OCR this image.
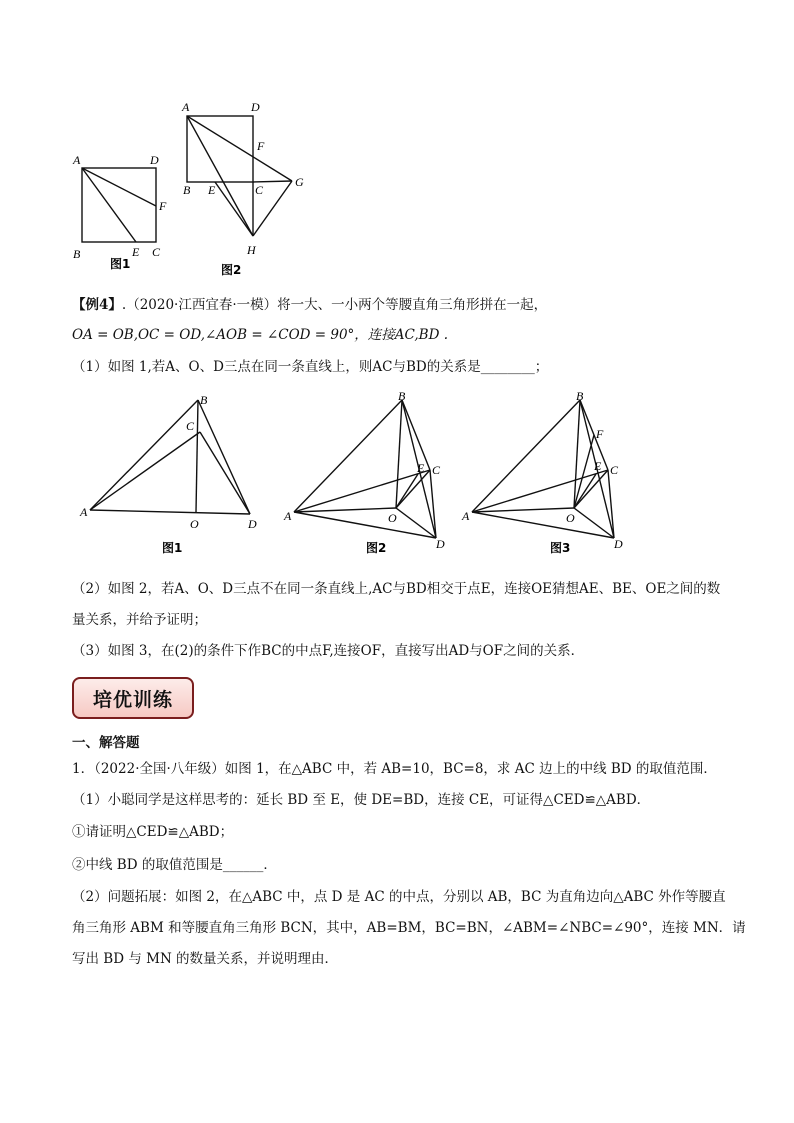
A	D
F
B	E C
图1
A	D
F
B E	C
G
H
图2
【例4】.（2020·江西宜春·一模）将一大、一小两个等腰直角三角形拼在一起，
OA = OB,OC = OD,∠AOB = ∠COD = 90°，连接AC,BD .
（1）如图 1,若A、O、D三点在同一条直线上，则AC与BD的关系是________；
A
B
C
O	D
图1
A
B
C
E
O
D
图2
A
B
F
C
E
O
D
图3
（2）如图 2，若A、O、D三点不在同一条直线上,AC与BD相交于点E，连接OE猜想AE、BE、OE之间的数
量关系，并给予证明；
（3）如图 3，在(2)的条件下作BC的中点F,连接OF，直接写出AD与OF之间的关系．
培优训练
一、解答题
1．（2022·全国·八年级）如图 1，在△ABC 中，若 AB=10，BC=8，求 AC 边上的中线 BD 的取值范围．
（1）小聪同学是这样思考的：延长 BD 至 E，使 DE=BD，连接 CE，可证得△CED≌△ABD．
①请证明△CED≌△ABD；
②中线 BD 的取值范围是______．
（2）问题拓展：如图 2，在△ABC 中，点 D 是 AC 的中点，分别以 AB，BC 为直角边向△ABC 外作等腰直
角三角形 ABM 和等腰直角三角形 BCN，其中，AB=BM，BC=BN，∠ABM=∠NBC=∠90°，连接 MN．请
写出 BD 与 MN 的数量关系，并说明理由．
